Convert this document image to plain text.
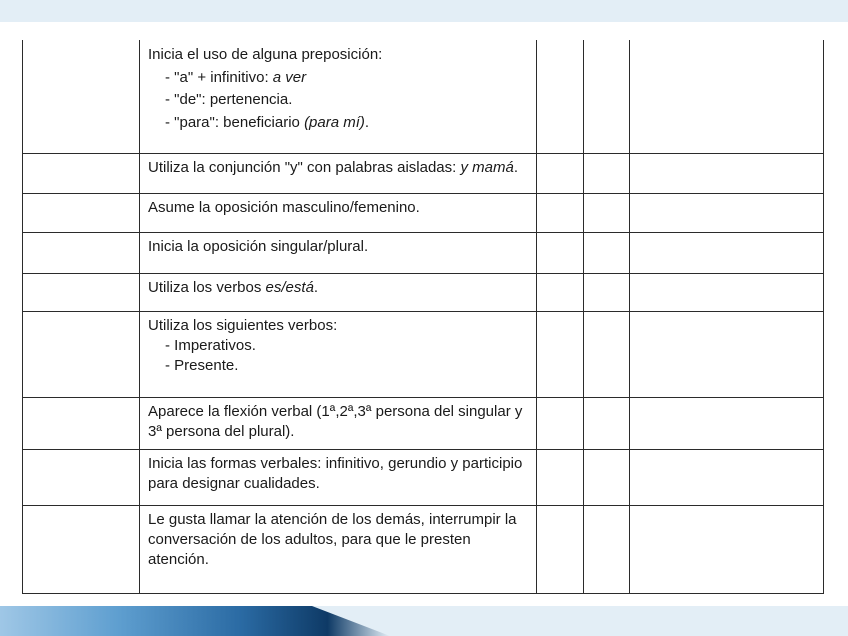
	Inicia el uso de alguna preposición:
- "a" + infinitivo: a ver
- "de": pertenencia.
- "para": beneficiario (para mí).			

	Utiliza la conjunción "y" con palabras aisladas: y mamá.			

	Asume la oposición masculino/femenino.			

	Inicia la oposición singular/plural.			

	Utiliza los verbos es/está.			

	Utiliza los siguientes verbos:
- Imperativos.
- Presente.			

	Aparece la flexión verbal (1ª,2ª,3ª persona del singular y 3ª persona del plural).			

	Inicia las formas verbales: infinitivo, gerundio y participio para designar cualidades.			

	Le gusta llamar la atención de los demás, interrumpir la conversación de los adultos, para que le presten atención.			
